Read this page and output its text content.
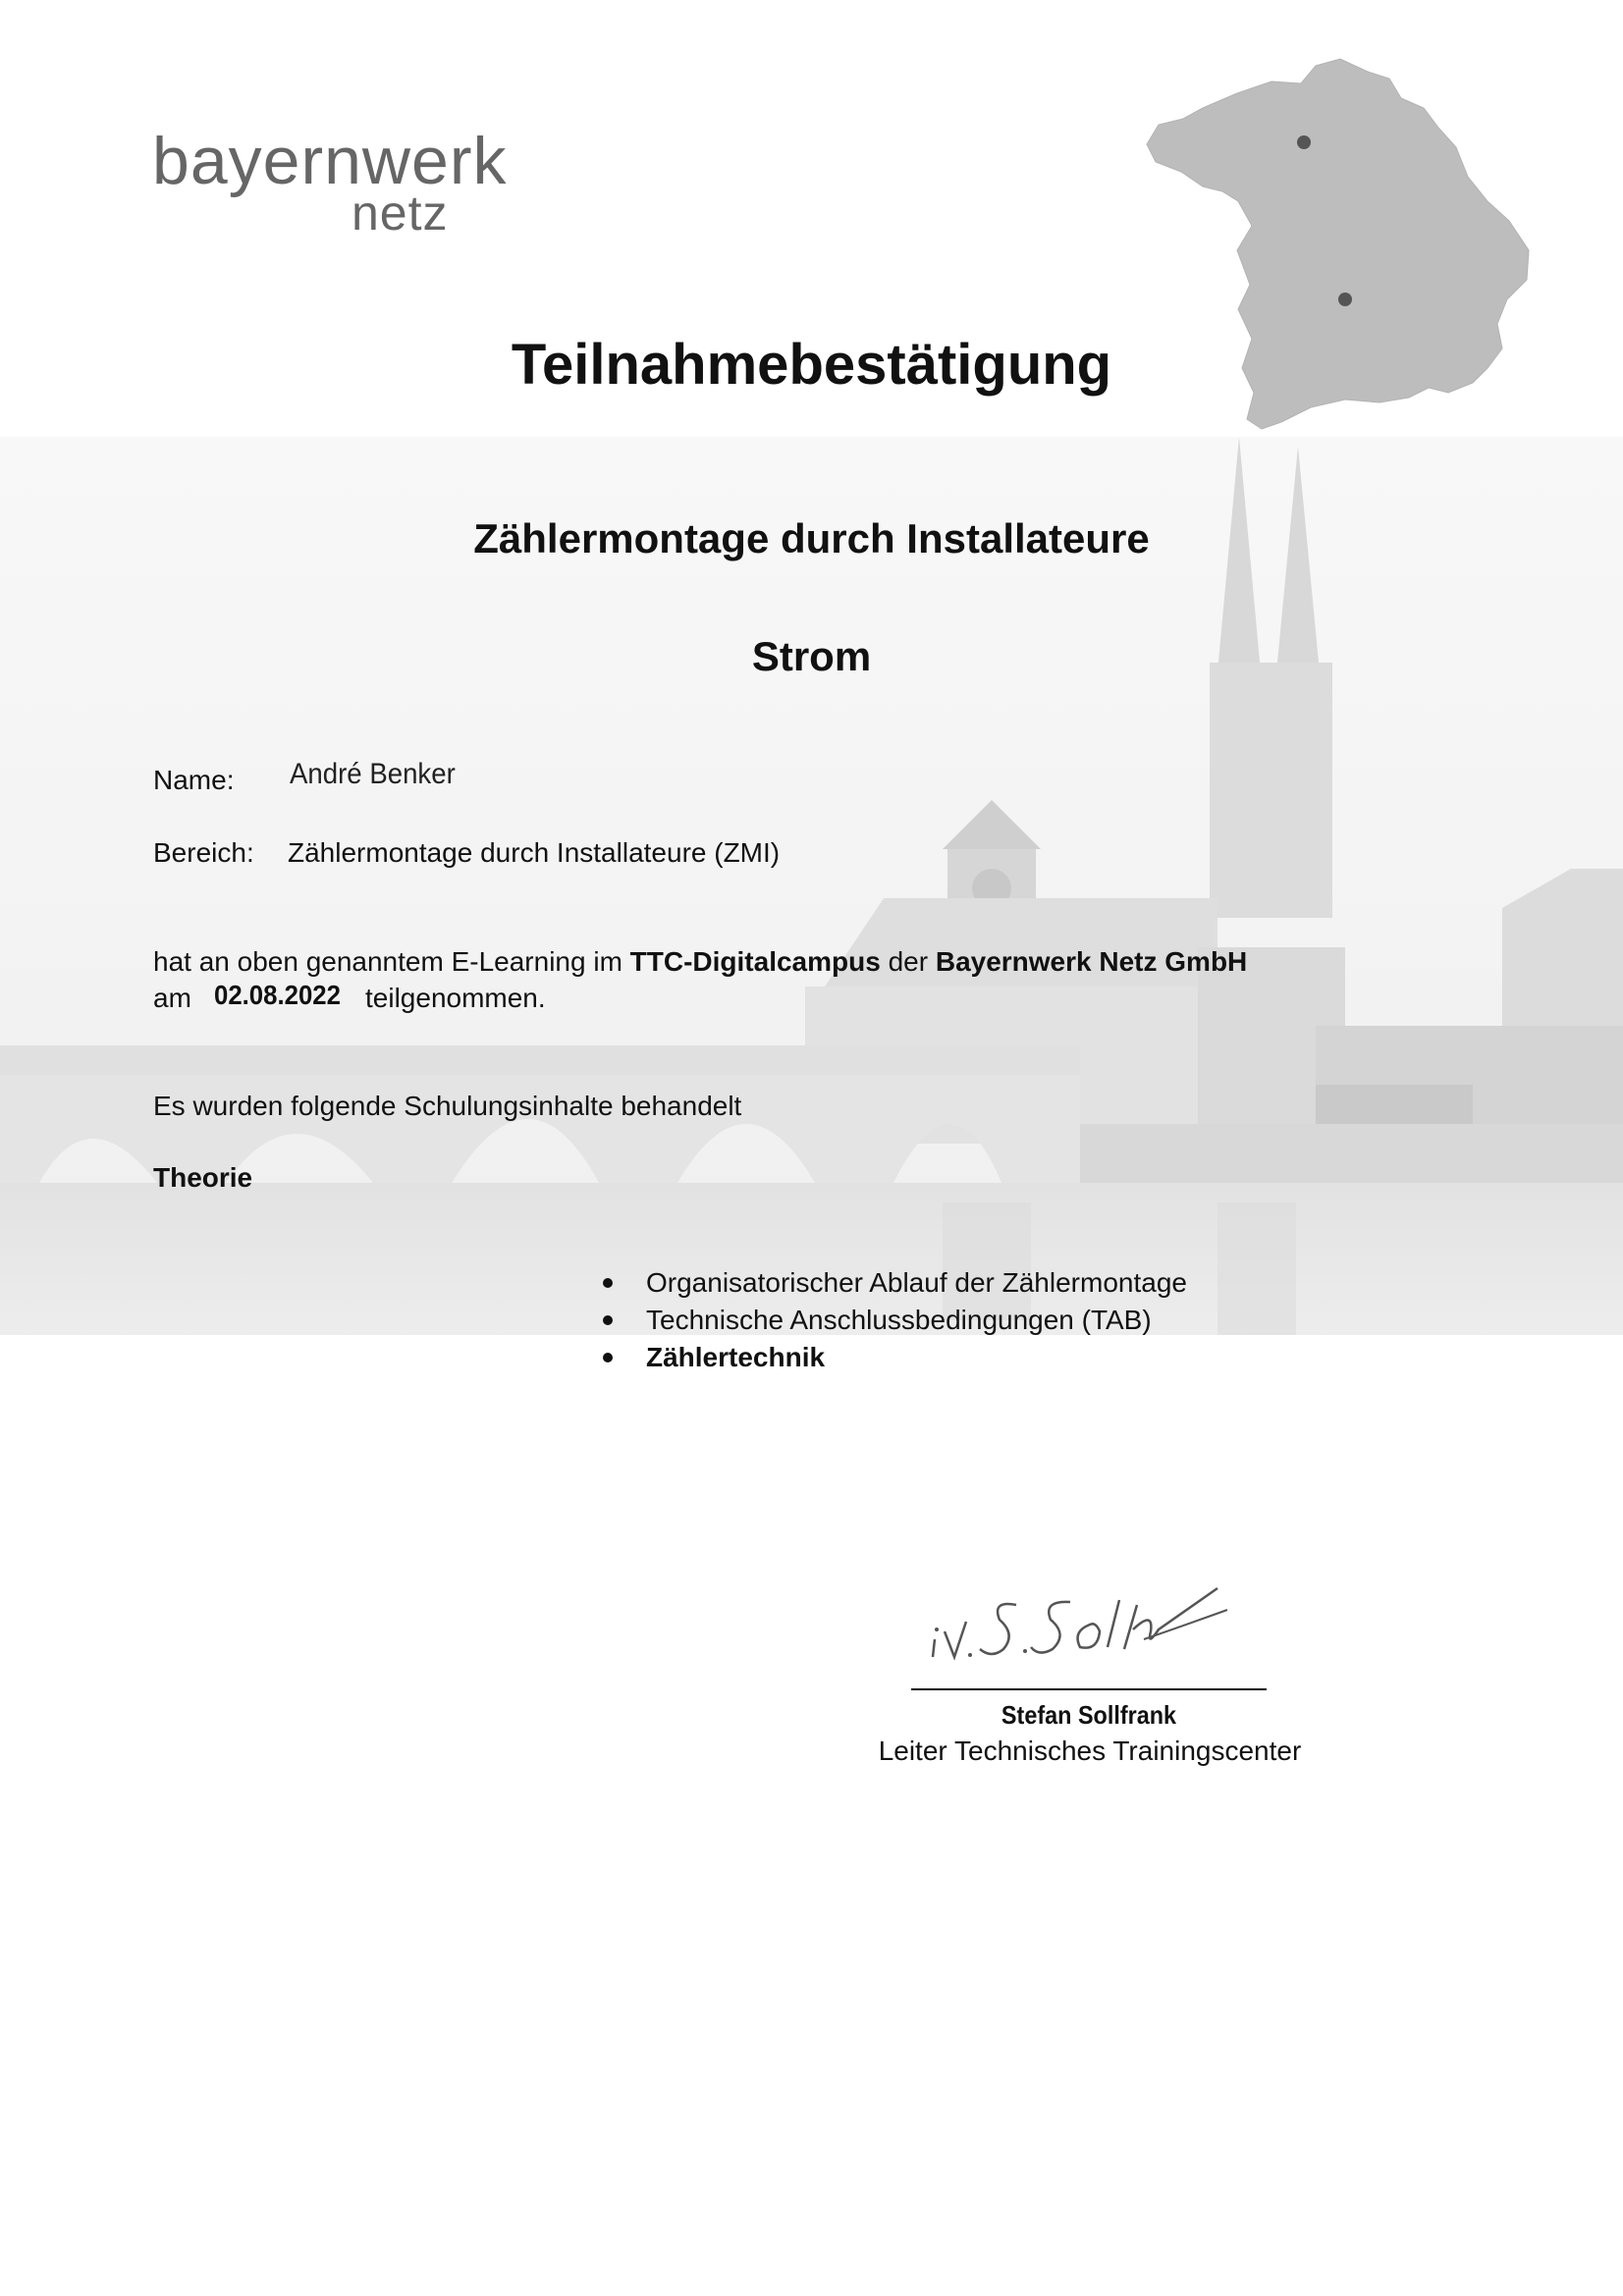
bayernwerk
netz
Teilnahmebestätigung
Zählermontage durch Installateure
Strom
Name: André Benker
Bereich: Zählermontage durch Installateure (ZMI)
hat an oben genanntem E-Learning im TTC-Digitalcampus der Bayernwerk Netz GmbH
am 02.08.2022 teilgenommen.
Es wurden folgende Schulungsinhalte behandelt
Theorie
Organisatorischer Ablauf der Zählermontage
Technische Anschlussbedingungen (TAB)
Zählertechnik
Stefan Sollfrank
Leiter Technisches Trainingscenter
